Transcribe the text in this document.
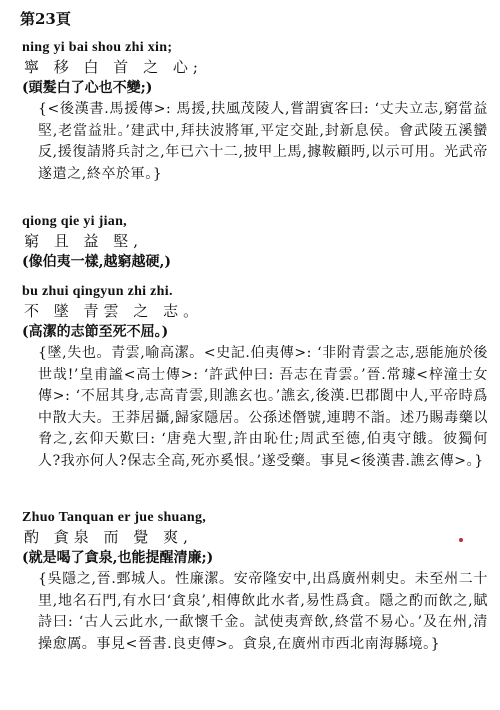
第23頁
ning yi bai shou zhi xin;
寧 移 白 首 之 心;
(頭髮白了心也不變;)
{<後漢書.馬援傳>: 馬援,扶風茂陵人,嘗謂賓客曰: ‘丈夫立志,窮當益堅,老當益壯。’建武中,拜扶波將軍,平定交趾,封新息侯。會武陵五溪蠻反,援復請將兵討之,年已六十二,披甲上馬,據鞍顧眄,以示可用。光武帝遂遣之,終卒於軍。}
qiong qie yi jian,
窮 且 益 堅,
(像伯夷一樣,越窮越硬,)
bu zhui qingyun zhi zhi.
不 墜 青雲 之 志。
(高潔的志節至死不屈。)
{墜,失也。青雲,喻高潔。<史記.伯夷傳>: ‘非附青雲之志,惡能施於後世哉!’皇甫謐<高士傳>: ‘許武仲曰: 吾志在青雲。’晉.常璩<梓潼士女傳>: ‘不屈其身,志高青雲,則譙玄也。’譙玄,後漢.巴郡閬中人,平帝時爲中散大夫。王莽居攝,歸家隱居。公孫述僭號,連聘不詣。述乃賜毒藥以脅之,玄仰天歎曰: ‘唐堯大聖,許由恥仕;周武至德,伯夷守餓。彼獨何人?我亦何人?保志全高,死亦奚恨。’遂受藥。事見<後漢書.譙玄傳>。}
Zhuo Tanquan er jue shuang,
酌 貪泉 而 覺 爽,
(就是喝了貪泉,也能提醒清廉;)
{吳隱之,晉.鄄城人。性廉潔。安帝隆安中,出爲廣州刺史。未至州二十里,地名石門,有水曰‘貪泉’,相傳飲此水者,易性爲貪。隱之酌而飲之,賦詩曰: ‘古人云此水,一歃懷千金。試使夷齊飲,終當不易心。’及在州,清操愈厲。事見<晉書.良吏傳>。貪泉,在廣州市西北南海縣境。}
